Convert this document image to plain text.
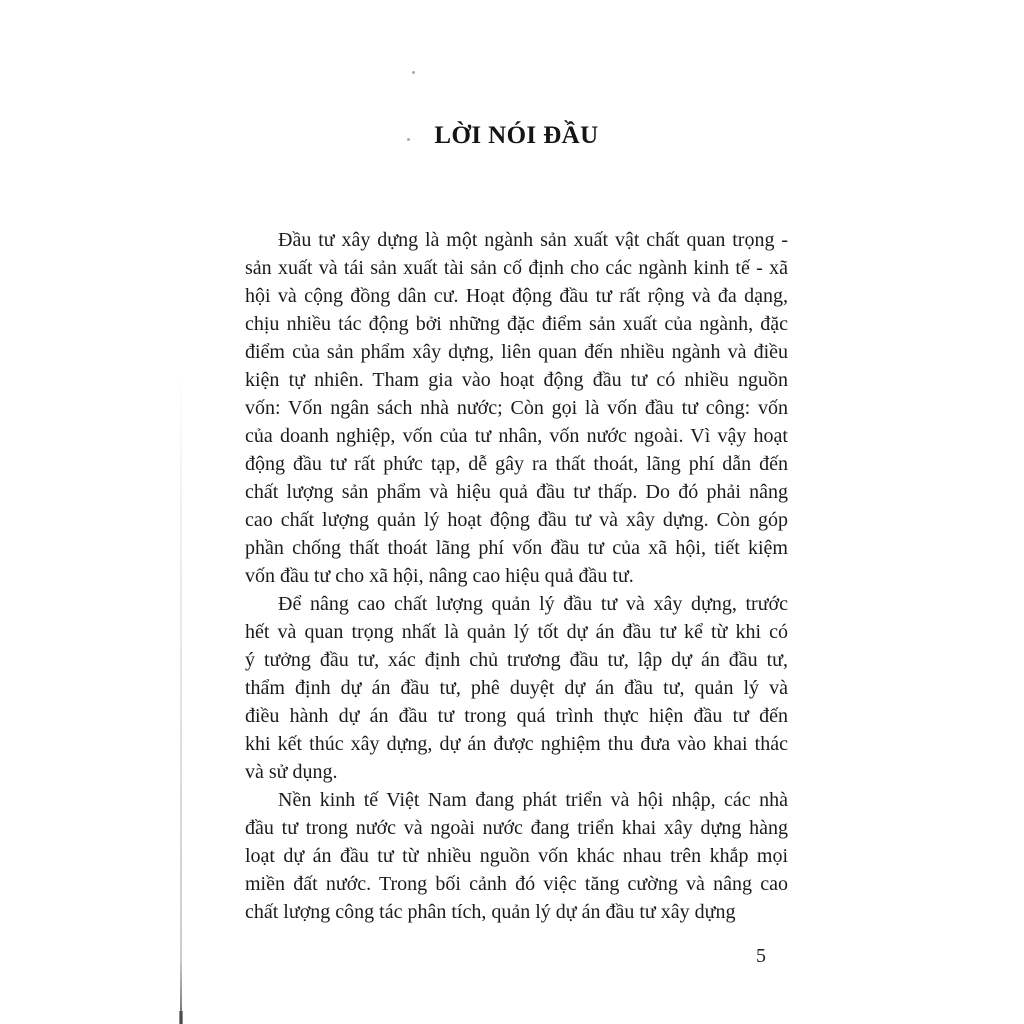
LỜI NÓI ĐẦU
Đầu tư xây dựng là một ngành sản xuất vật chất quan trọng -
sản xuất và tái sản xuất tài sản cố định cho các ngành kinh tế - xã
hội và cộng đồng dân cư. Hoạt động đầu tư rất rộng và đa dạng,
chịu nhiều tác động bởi những đặc điểm sản xuất của ngành, đặc
điểm của sản phẩm xây dựng, liên quan đến nhiều ngành và điều
kiện tự nhiên. Tham gia vào hoạt động đầu tư có nhiều nguồn
vốn: Vốn ngân sách nhà nước; Còn gọi là vốn đầu tư công: vốn
của doanh nghiệp, vốn của tư nhân, vốn nước ngoài. Vì vậy hoạt
động đầu tư rất phức tạp, dễ gây ra thất thoát, lãng phí dẫn đến
chất lượng sản phẩm và hiệu quả đầu tư thấp. Do đó phải nâng
cao chất lượng quản lý hoạt động đầu tư và xây dựng. Còn góp
phần chống thất thoát lãng phí vốn đầu tư của xã hội, tiết kiệm
vốn đầu tư cho xã hội, nâng cao hiệu quả đầu tư.
Để nâng cao chất lượng quản lý đầu tư và xây dựng, trước
hết và quan trọng nhất là quản lý tốt dự án đầu tư kể từ khi có
ý tưởng đầu tư, xác định chủ trương đầu tư, lập dự án đầu tư,
thẩm định dự án đầu tư, phê duyệt dự án đầu tư, quản lý và
điều hành dự án đầu tư trong quá trình thực hiện đầu tư đến
khi kết thúc xây dựng, dự án được nghiệm thu đưa vào khai thác
và sử dụng.
Nền kinh tế Việt Nam đang phát triển và hội nhập, các nhà
đầu tư trong nước và ngoài nước đang triển khai xây dựng hàng
loạt dự án đầu tư từ nhiều nguồn vốn khác nhau trên khắp mọi
miền đất nước. Trong bối cảnh đó việc tăng cường và nâng cao
chất lượng công tác phân tích, quản lý dự án đầu tư xây dựng
5
